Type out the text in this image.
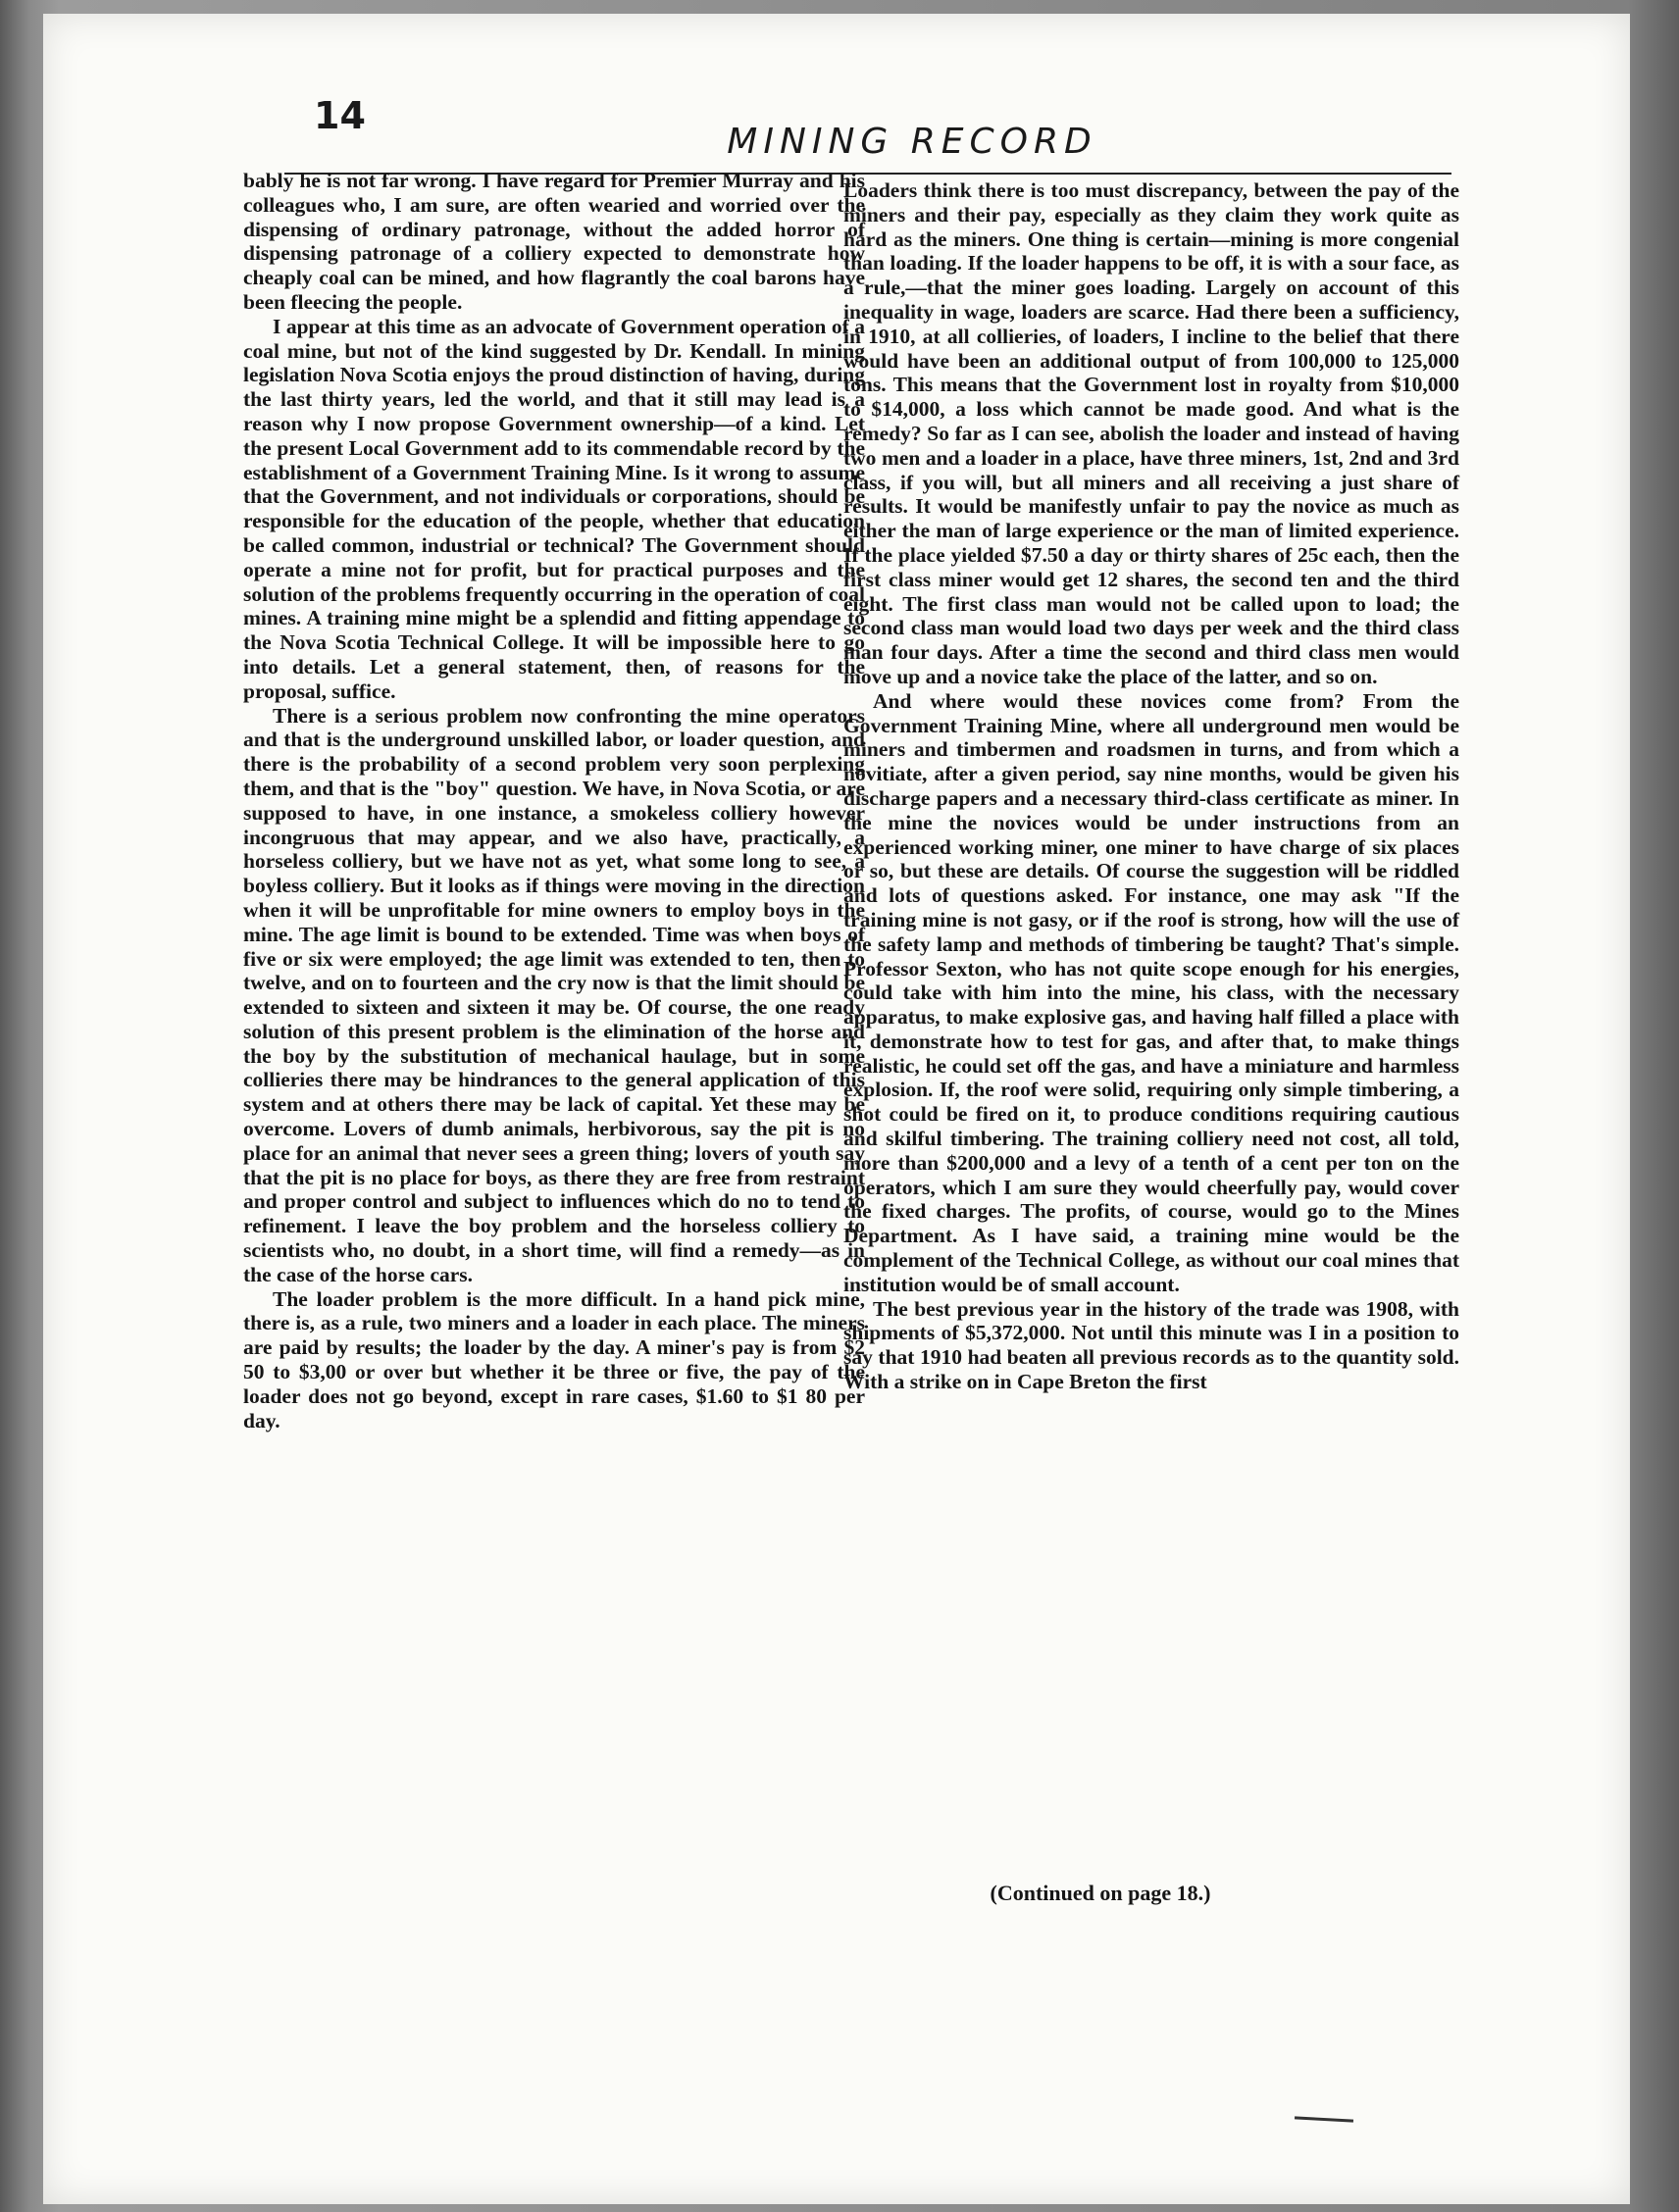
14
MINING RECORD

bably he is not far wrong. I have regard for Premier Murray and his colleagues who, I am sure, are often wearied and worried over the dispensing of ordinary patronage, without the added horror of dispensing patronage of a colliery expected to demonstrate how cheaply coal can be mined, and how flagrantly the coal barons have been fleecing the people.

I appear at this time as an advocate of Government operation of a coal mine, but not of the kind suggested by Dr. Kendall. In mining legislation Nova Scotia enjoys the proud distinction of having, during the last thirty years, led the world, and that it still may lead is a reason why I now propose Government ownership—of a kind. Let the present Local Government add to its commendable record by the establishment of a Government Training Mine. Is it wrong to assume that the Government, and not individuals or corporations, should be responsible for the education of the people, whether that education be called common, industrial or technical? The Government should operate a mine not for profit, but for practical purposes and the solution of the problems frequently occurring in the operation of coal mines. A training mine might be a splendid and fitting appendage to the Nova Scotia Technical College. It will be impossible here to go into details. Let a general statement, then, of reasons for the proposal, suffice.

There is a serious problem now confronting the mine operators and that is the underground unskilled labor, or loader question, and there is the probability of a second problem very soon perplexing them, and that is the "boy" question. We have, in Nova Scotia, or are supposed to have, in one instance, a smokeless colliery however incongruous that may appear, and we also have, practically, a horseless colliery, but we have not as yet, what some long to see, a boyless colliery. But it looks as if things were moving in the direction when it will be unprofitable for mine owners to employ boys in the mine. The age limit is bound to be extended. Time was when boys of five or six were employed; the age limit was extended to ten, then to twelve, and on to fourteen and the cry now is that the limit should be extended to sixteen and sixteen it may be. Of course, the one ready solution of this present problem is the elimination of the horse and the boy by the substitution of mechanical haulage, but in some collieries there may be hindrances to the general application of this system and at others there may be lack of capital. Yet these may be overcome. Lovers of dumb animals, herbivorous, say the pit is no place for an animal that never sees a green thing; lovers of youth say that the pit is no place for boys, as there they are free from restraint and proper control and subject to influences which do no to tend to refinement. I leave the boy problem and the horseless colliery to scientists who, no doubt, in a short time, will find a remedy—as in the case of the horse cars.

The loader problem is the more difficult. In a hand pick mine, there is, as a rule, two miners and a loader in each place. The miners are paid by results; the loader by the day. A miner's pay is from $2 50 to $3,00 or over but whether it be three or five, the pay of the loader does not go beyond, except in rare cases, $1.60 to $1 80 per day.

Loaders think there is too must discrepancy, between the pay of the miners and their pay, especially as they claim they work quite as hard as the miners. One thing is certain—mining is more congenial than loading. If the loader happens to be off, it is with a sour face, as a rule,—that the miner goes loading. Largely on account of this inequality in wage, loaders are scarce. Had there been a sufficiency, in 1910, at all collieries, of loaders, I incline to the belief that there would have been an additional output of from 100,000 to 125,000 tons. This means that the Government lost in royalty from $10,000 to $14,000, a loss which cannot be made good. And what is the remedy? So far as I can see, abolish the loader and instead of having two men and a loader in a place, have three miners, 1st, 2nd and 3rd class, if you will, but all miners and all receiving a just share of results. It would be manifestly unfair to pay the novice as much as either the man of large experience or the man of limited experience. If the place yielded $7.50 a day or thirty shares of 25c each, then the first class miner would get 12 shares, the second ten and the third eight. The first class man would not be called upon to load; the second class man would load two days per week and the third class man four days. After a time the second and third class men would move up and a novice take the place of the latter, and so on.

And where would these novices come from? From the Government Training Mine, where all underground men would be miners and timbermen and roadsmen in turns, and from which a novitiate, after a given period, say nine months, would be given his discharge papers and a necessary third-class certificate as miner. In the mine the novices would be under instructions from an experienced working miner, one miner to have charge of six places or so, but these are details. Of course the suggestion will be riddled and lots of questions asked. For instance, one may ask "If the training mine is not gasy, or if the roof is strong, how will the use of the safety lamp and methods of timbering be taught? That's simple. Professor Sexton, who has not quite scope enough for his energies, could take with him into the mine, his class, with the necessary apparatus, to make explosive gas, and having half filled a place with it, demonstrate how to test for gas, and after that, to make things realistic, he could set off the gas, and have a miniature and harmless explosion. If, the roof were solid, requiring only simple timbering, a shot could be fired on it, to produce conditions requiring cautious and skilful timbering. The training colliery need not cost, all told, more than $200,000 and a levy of a tenth of a cent per ton on the operators, which I am sure they would cheerfully pay, would cover the fixed charges. The profits, of course, would go to the Mines Department. As I have said, a training mine would be the complement of the Technical College, as without our coal mines that institution would be of small account.

The best previous year in the history of the trade was 1908, with shipments of $5,372,000. Not until this minute was I in a position to say that 1910 had beaten all previous records as to the quantity sold. With a strike on in Cape Breton the first

(Continued on page 18.)
